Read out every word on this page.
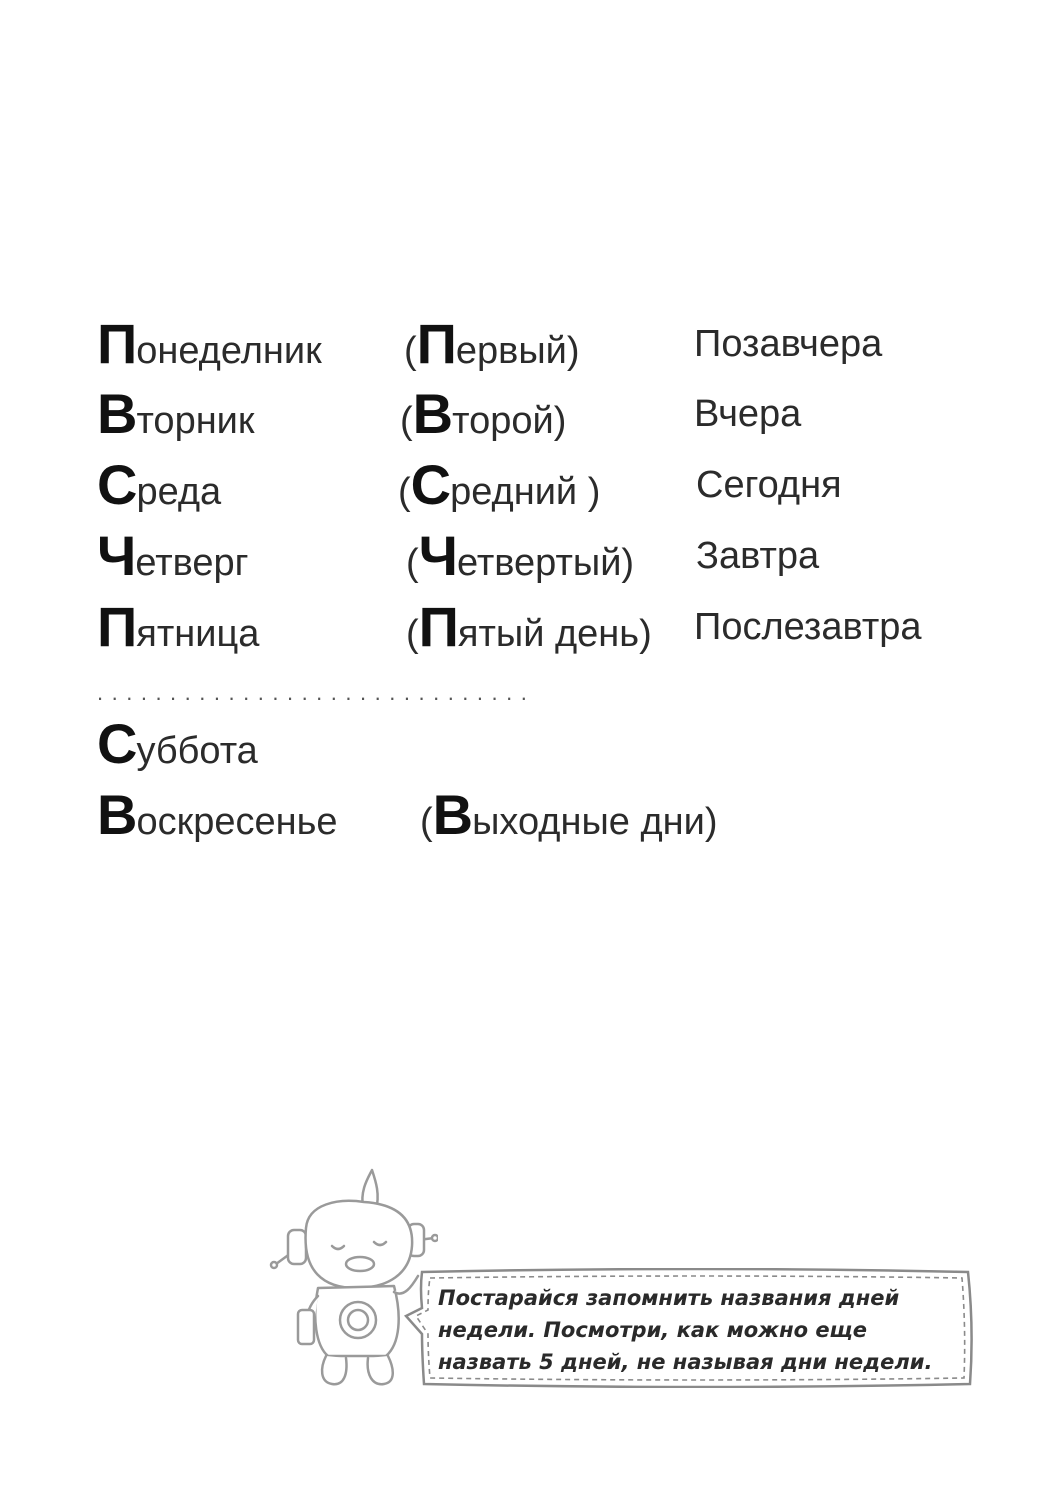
Понеделник (Первый)	Позавчера
Вторник	(Второй)	Вчера
Среда	(Средний )	Сегодня
Четверг	(Четвертый) Завтра
Пятница	(Пятый день) Послезавтра
..............................
Суббота
Воскресенье (Выходные дни)
Постарайся запомнить названия дней недели. Посмотри, как можно еще назвать 5 дней, не называя дни недели.
